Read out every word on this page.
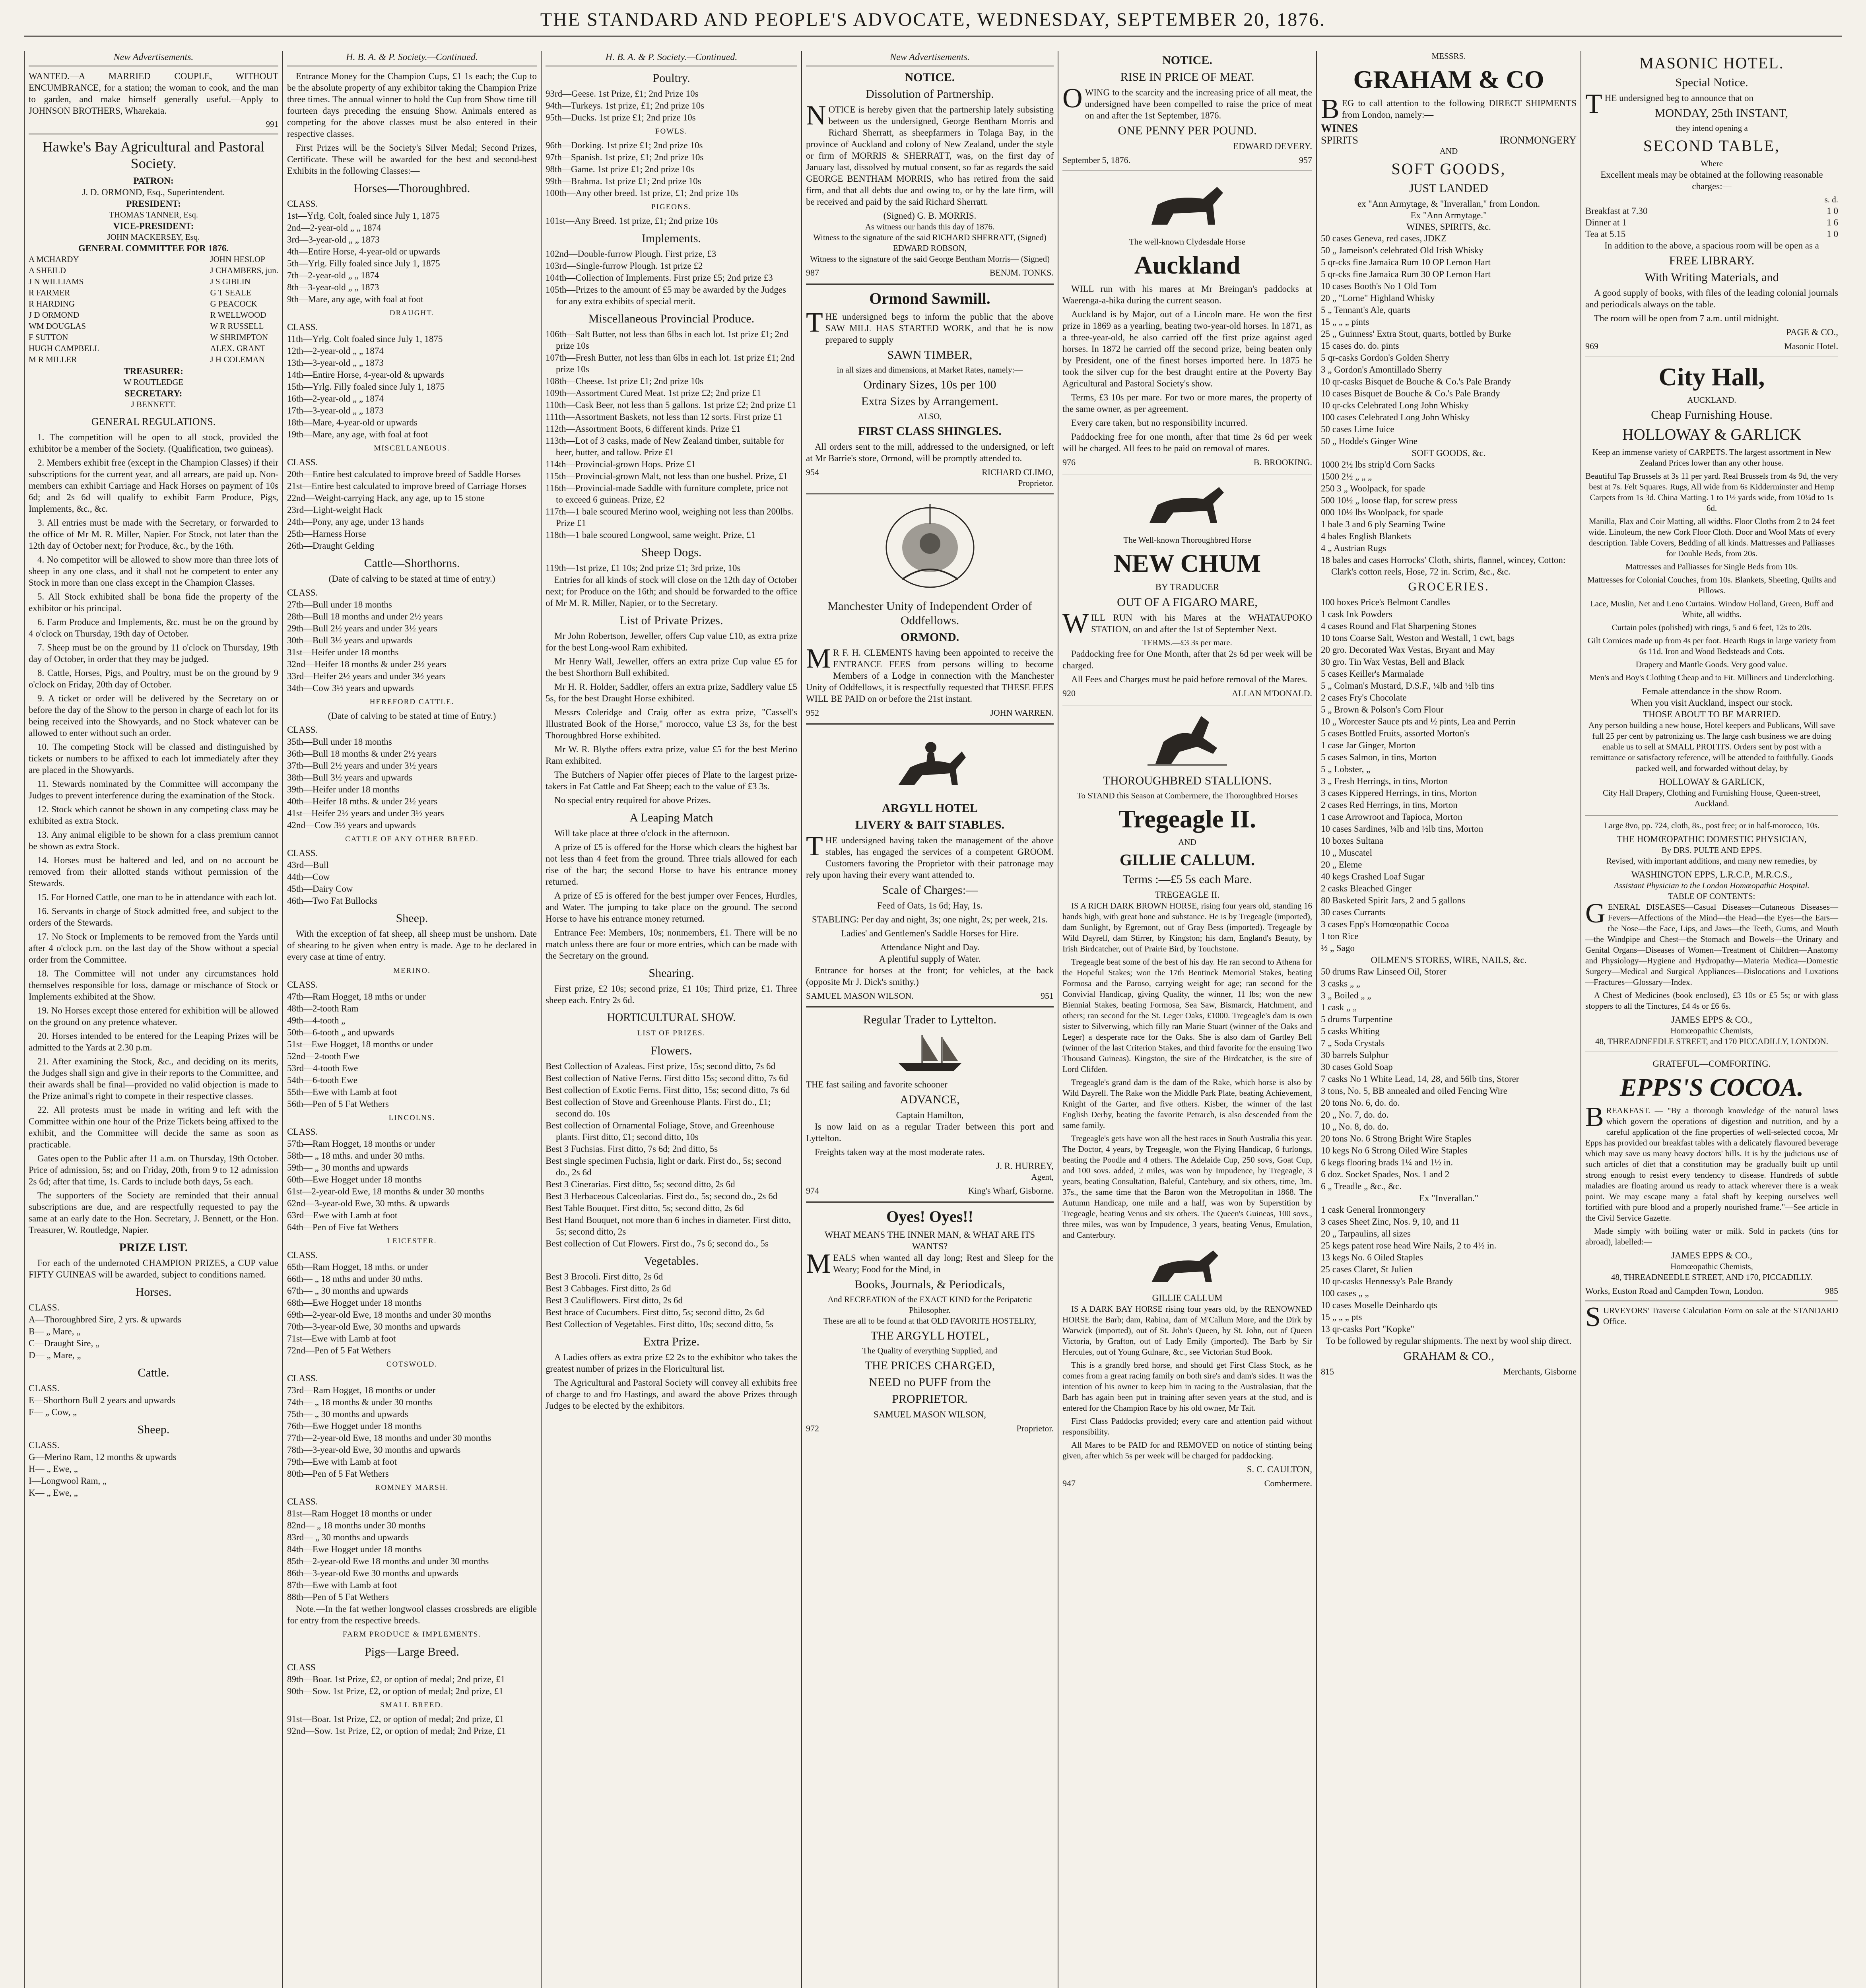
THE STANDARD AND PEOPLE'S ADVOCATE, WEDNESDAY, SEPTEMBER 20, 1876.
New Advertisements.

WANTED.—A MARRIED COUPLE, WITHOUT ENCUMBRANCE, for a station; the woman to cook, and the man to garden, and make himself generally useful.—Apply to JOHNSON BROTHERS, Wharekaia.

991
Hawke's Bay Agricultural and Pastoral Society.
PATRON:
J. D. ORMOND, Esq., Superintendent.
PRESIDENT:
THOMAS TANNER, Esq.
VICE-PRESIDENT:
JOHN MACKERSEY, Esq.
GENERAL COMMITTEE FOR 1876.
A MCHARDY
A SHEILD
J N WILLIAMS
R FARMER
R HARDING
J D ORMOND
WM DOUGLAS
F SUTTON
HUGH CAMPBELL
M R MILLER
JOHN HESLOP
J CHAMBERS, jun.
J S GIBLIN
G T SEALE
G PEACOCK
R WELLWOOD
W R RUSSELL
W SHRIMPTON
ALEX. GRANT
J H COLEMAN
TREASURER:
W ROUTLEDGE
SECRETARY:
J BENNETT.
GENERAL REGULATIONS.

1. The competition will be open to all stock, provided the exhibitor be a member of the Society. (Qualification, two guineas).

2. Members exhibit free (except in the Champion Classes) if their subscriptions for the current year, and all arrears, are paid up. Non-members can exhibit Carriage and Hack Horses on payment of 10s 6d; and 2s 6d will qualify to exhibit Farm Produce, Pigs, Implements, &c., &c.

3. All entries must be made with the Secretary, or forwarded to the office of Mr M. R. Miller, Napier. For Stock, not later than the 12th day of October next; for Produce, &c., by the 16th.

4. No competitor will be allowed to show more than three lots of sheep in any one class, and it shall not be competent to enter any Stock in more than one class except in the Champion Classes.

5. All Stock exhibited shall be bona fide the property of the exhibitor or his principal.

6. Farm Produce and Implements, &c. must be on the ground by 4 o'clock on Thursday, 19th day of October.

7. Sheep must be on the ground by 11 o'clock on Thursday, 19th day of October, in order that they may be judged.

8. Cattle, Horses, Pigs, and Poultry, must be on the ground by 9 o'clock on Friday, 20th day of October.

9. A ticket or order will be delivered by the Secretary on or before the day of the Show to the person in charge of each lot for its being received into the Showyards, and no Stock whatever can be allowed to enter without such an order.

10. The competing Stock will be classed and distinguished by tickets or numbers to be affixed to each lot immediately after they are placed in the Showyards.

11. Stewards nominated by the Committee will accompany the Judges to prevent interference during the examination of the Stock.

12. Stock which cannot be shown in any competing class may be exhibited as extra Stock.

13. Any animal eligible to be shown for a class premium cannot be shown as extra Stock.

14. Horses must be haltered and led, and on no account be removed from their allotted stands without permission of the Stewards.

15. For Horned Cattle, one man to be in attendance with each lot.

16. Servants in charge of Stock admitted free, and subject to the orders of the Stewards.

17. No Stock or Implements to be removed from the Yards until after 4 o'clock p.m. on the last day of the Show without a special order from the Committee.

18. The Committee will not under any circumstances hold themselves responsible for loss, damage or mischance of Stock or Implements exhibited at the Show.

19. No Horses except those entered for exhibition will be allowed on the ground on any pretence whatever.

20. Horses intended to be entered for the Leaping Prizes will be admitted to the Yards at 2.30 p.m.

21. After examining the Stock, &c., and deciding on its merits, the Judges shall sign and give in their reports to the Committee, and their awards shall be final—provided no valid objection is made to the Prize animal's right to compete in their respective classes.

22. All protests must be made in writing and left with the Committee within one hour of the Prize Tickets being affixed to the exhibit, and the Committee will decide the same as soon as practicable.

Gates open to the Public after 11 a.m. on Thursday, 19th October. Price of admission, 5s; and on Friday, 20th, from 9 to 12 admission 2s 6d; after that time, 1s. Cards to include both days, 5s each.

The supporters of the Society are reminded that their annual subscriptions are due, and are respectfully requested to pay the same at an early date to the Hon. Secretary, J. Bennett, or the Hon. Treasurer, W. Routledge, Napier.

PRIZE LIST.

For each of the undernoted CHAMPION PRIZES, a CUP value FIFTY GUINEAS will be awarded, subject to conditions named.

Horses.
CLASS.
A—Thoroughbred Sire, 2 yrs. & upwards
B— „ Mare, „
C—Draught Sire, „
D— „ Mare, „
Cattle.
CLASS.
E—Shorthorn Bull 2 years and upwards
F— „ Cow, „
Sheep.
CLASS.
G—Merino Ram, 12 months & upwards
H— „ Ewe, „
I—Longwool Ram, „
K— „ Ewe, „
H. B. A. & P. Society.—Continued.

Entrance Money for the Champion Cups, £1 1s each; the Cup to be the absolute property of any exhibitor taking the Champion Prize three times. The annual winner to hold the Cup from Show time till fourteen days preceding the ensuing Show. Animals entered as competing for the above classes must be also entered in their respective classes.

First Prizes will be the Society's Silver Medal; Second Prizes, Certificate. These will be awarded for the best and second-best Exhibits in the following Classes:—

Horses—Thoroughbred.
CLASS.
1st—Yrlg. Colt, foaled since July 1, 1875
2nd—2-year-old „ „ 1874
3rd—3-year-old „ „ 1873
4th—Entire Horse, 4-year-old or upwards
5th—Yrlg. Filly foaled since July 1, 1875
7th—2-year-old „ „ 1874
8th—3-year-old „ „ 1873
9th—Mare, any age, with foal at foot
DRAUGHT.
CLASS.
11th—Yrlg. Colt foaled since July 1, 1875
12th—2-year-old „ „ 1874
13th—3-year-old „ „ 1873
14th—Entire Horse, 4-year-old & upwards
15th—Yrlg. Filly foaled since July 1, 1875
16th—2-year-old „ „ 1874
17th—3-year-old „ „ 1873
18th—Mare, 4-year-old or upwards
19th—Mare, any age, with foal at foot
MISCELLANEOUS.
CLASS.
20th—Entire best calculated to improve breed of Saddle Horses
21st—Entire best calculated to improve breed of Carriage Horses
22nd—Weight-carrying Hack, any age, up to 15 stone
23rd—Light-weight Hack
24th—Pony, any age, under 13 hands
25th—Harness Horse
26th—Draught Gelding
Cattle—Shorthorns.

(Date of calving to be stated at time of entry.)

CLASS.
27th—Bull under 18 months
28th—Bull 18 months and under 2½ years
29th—Bull 2½ years and under 3½ years
30th—Bull 3½ years and upwards
31st—Heifer under 18 months
32nd—Heifer 18 months & under 2½ years
33rd—Heifer 2½ years and under 3½ years
34th—Cow 3½ years and upwards
HEREFORD CATTLE.

(Date of calving to be stated at time of Entry.)

CLASS.
35th—Bull under 18 months
36th—Bull 18 months & under 2½ years
37th—Bull 2½ years and under 3½ years
38th—Bull 3½ years and upwards
39th—Heifer under 18 months
40th—Heifer 18 mths. & under 2½ years
41st—Heifer 2½ years and under 3½ years
42nd—Cow 3½ years and upwards
CATTLE OF ANY OTHER BREED.
CLASS.
43rd—Bull
44th—Cow
45th—Dairy Cow
46th—Two Fat Bullocks
Sheep.

With the exception of fat sheep, all sheep must be unshorn. Date of shearing to be given when entry is made. Age to be declared in every case at time of entry.

MERINO.
CLASS.
47th—Ram Hogget, 18 mths or under
48th—2-tooth Ram
49th—4-tooth „
50th—6-tooth „ and upwards
51st—Ewe Hogget, 18 months or under
52nd—2-tooth Ewe
53rd—4-tooth Ewe
54th—6-tooth Ewe
55th—Ewe with Lamb at foot
56th—Pen of 5 Fat Wethers
LINCOLNS.
CLASS.
57th—Ram Hogget, 18 months or under
58th— „ 18 mths. and under 30 mths.
59th— „ 30 months and upwards
60th—Ewe Hogget under 18 months
61st—2-year-old Ewe, 18 months & under 30 months
62nd—3-year-old Ewe, 30 mths. & upwards
63rd—Ewe with Lamb at foot
64th—Pen of Five fat Wethers
LEICESTER.
CLASS.
65th—Ram Hogget, 18 mths. or under
66th— „ 18 mths and under 30 mths.
67th— „ 30 months and upwards
68th—Ewe Hogget under 18 months
69th—2-year-old Ewe, 18 months and under 30 months
70th—3-year-old Ewe, 30 months and upwards
71st—Ewe with Lamb at foot
72nd—Pen of 5 Fat Wethers
COTSWOLD.
CLASS.
73rd—Ram Hogget, 18 months or under
74th— „ 18 months & under 30 months
75th— „ 30 months and upwards
76th—Ewe Hogget under 18 months
77th—2-year-old Ewe, 18 months and under 30 months
78th—3-year-old Ewe, 30 months and upwards
79th—Ewe with Lamb at foot
80th—Pen of 5 Fat Wethers
ROMNEY MARSH.
CLASS.
81st—Ram Hogget 18 months or under
82nd— „ 18 months under 30 months
83rd— „ 30 months and upwards
84th—Ewe Hogget under 18 months
85th—2-year-old Ewe 18 months and under 30 months
86th—3-year-old Ewe 30 months and upwards
87th—Ewe with Lamb at foot
88th—Pen of 5 Fat Wethers

Note.—In the fat wether longwool classes crossbreds are eligible for entry from the respective breeds.

FARM PRODUCE & IMPLEMENTS.
Pigs—Large Breed.
CLASS
89th—Boar. 1st Prize, £2, or option of medal; 2nd prize, £1
90th—Sow. 1st Prize, £2, or option of medal; 2nd prize, £1
SMALL BREED.
91st—Boar. 1st Prize, £2, or option of medal; 2nd prize, £1
92nd—Sow. 1st Prize, £2, or option of medal; 2nd Prize, £1
H. B. A. & P. Society.—Continued.
Poultry.
93rd—Geese. 1st Prize, £1; 2nd Prize 10s
94th—Turkeys. 1st prize, £1; 2nd prize 10s
95th—Ducks. 1st prize £1; 2nd prize 10s
FOWLS.
96th—Dorking. 1st prize £1; 2nd prize 10s
97th—Spanish. 1st prize, £1; 2nd prize 10s
98th—Game. 1st prize £1; 2nd prize 10s
99th—Brahma. 1st prize £1; 2nd prize 10s
100th—Any other breed. 1st prize, £1; 2nd prize 10s
PIGEONS.
101st—Any Breed. 1st prize, £1; 2nd prize 10s
Implements.
102nd—Double-furrow Plough. First prize, £3
103rd—Single-furrow Plough. 1st prize £2
104th—Collection of Implements. First prize £5; 2nd prize £3
105th—Prizes to the amount of £5 may be awarded by the Judges for any extra exhibits of special merit.
Miscellaneous Provincial Produce.
106th—Salt Butter, not less than 6lbs in each lot. 1st prize £1; 2nd prize 10s
107th—Fresh Butter, not less than 6lbs in each lot. 1st prize £1; 2nd prize 10s
108th—Cheese. 1st prize £1; 2nd prize 10s
109th—Assortment Cured Meat. 1st prize £2; 2nd prize £1
110th—Cask Beer, not less than 5 gallons. 1st prize £2; 2nd prize £1
111th—Assortment Baskets, not less than 12 sorts. First prize £1
112th—Assortment Boots, 6 different kinds. Prize £1
113th—Lot of 3 casks, made of New Zealand timber, suitable for beer, butter, and tallow. Prize £1
114th—Provincial-grown Hops. Prize £1
115th—Provincial-grown Malt, not less than one bushel. Prize, £1
116th—Provincial-made Saddle with furniture complete, price not to exceed 6 guineas. Prize, £2
117th—1 bale scoured Merino wool, weighing not less than 200lbs. Prize £1
118th—1 bale scoured Longwool, same weight. Prize, £1
Sheep Dogs.
119th—1st prize, £1 10s; 2nd prize £1; 3rd prize, 10s

Entries for all kinds of stock will close on the 12th day of October next; for Produce on the 16th; and should be forwarded to the office of Mr M. R. Miller, Napier, or to the Secretary.

List of Private Prizes.

Mr John Robertson, Jeweller, offers Cup value £10, as extra prize for the best Long-wool Ram exhibited.

Mr Henry Wall, Jeweller, offers an extra prize Cup value £5 for the best Shorthorn Bull exhibited.

Mr H. R. Holder, Saddler, offers an extra prize, Saddlery value £5 5s, for the best Draught Horse exhibited.

Messrs Coleridge and Craig offer as extra prize, "Cassell's Illustrated Book of the Horse," morocco, value £3 3s, for the best Thoroughbred Horse exhibited.

Mr W. R. Blythe offers extra prize, value £5 for the best Merino Ram exhibited.

The Butchers of Napier offer pieces of Plate to the largest prize-takers in Fat Cattle and Fat Sheep; each to the value of £3 3s.

No special entry required for above Prizes.

A Leaping Match

Will take place at three o'clock in the afternoon.

A prize of £5 is offered for the Horse which clears the highest bar not less than 4 feet from the ground. Three trials allowed for each rise of the bar; the second Horse to have his entrance money returned.

A prize of £5 is offered for the best jumper over Fences, Hurdles, and Water. The jumping to take place on the ground. The second Horse to have his entrance money returned.

Entrance Fee: Members, 10s; nonmembers, £1. There will be no match unless there are four or more entries, which can be made with the Secretary on the ground.

Shearing.

First prize, £2 10s; second prize, £1 10s; Third prize, £1. Three sheep each. Entry 2s 6d.

HORTICULTURAL SHOW.
LIST OF PRIZES.
Flowers.
Best Collection of Azaleas. First prize, 15s; second ditto, 7s 6d
Best collection of Native Ferns. First ditto 15s; second ditto, 7s 6d
Best collection of Exotic Ferns. First ditto, 15s; second ditto, 7s 6d
Best collection of Stove and Greenhouse Plants. First do., £1; second do. 10s
Best collection of Ornamental Foliage, Stove, and Greenhouse plants. First ditto, £1; second ditto, 10s
Best 3 Fuchsias. First ditto, 7s 6d; 2nd ditto, 5s
Best single specimen Fuchsia, light or dark. First do., 5s; second do., 2s 6d
Best 3 Cinerarias. First ditto, 5s; second ditto, 2s 6d
Best 3 Herbaceous Calceolarias. First do., 5s; second do., 2s 6d
Best Table Bouquet. First ditto, 5s; second ditto, 2s 6d
Best Hand Bouquet, not more than 6 inches in diameter. First ditto, 5s; second ditto, 2s
Best collection of Cut Flowers. First do., 7s 6; second do., 5s
Vegetables.
Best 3 Brocoli. First ditto, 2s 6d
Best 3 Cabbages. First ditto, 2s 6d
Best 3 Cauliflowers. First ditto, 2s 6d
Best brace of Cucumbers. First ditto, 5s; second ditto, 2s 6d
Best Collection of Vegetables. First ditto, 10s; second ditto, 5s
Extra Prize.

A Ladies offers as extra prize £2 2s to the exhibitor who takes the greatest number of prizes in the Floricultural list.

The Agricultural and Pastoral Society will convey all exhibits free of charge to and fro Hastings, and award the above Prizes through Judges to be elected by the exhibitors.

New Advertisements.
NOTICE.
Dissolution of Partnership.

NOTICE is hereby given that the partnership lately subsisting between us the undersigned, George Bentham Morris and Richard Sherratt, as sheepfarmers in Tolaga Bay, in the province of Auckland and colony of New Zealand, under the style or firm of MORRIS & SHERRATT, was, on the first day of January last, dissolved by mutual consent, so far as regards the said GEORGE BENTHAM MORRIS, who has retired from the said firm, and that all debts due and owing to, or by the late firm, will be received and paid by the said Richard Sherratt.

(Signed) G. B. MORRIS.
As witness our hands this day of 1876.
Witness to the signature of the said RICHARD SHERRATT, (Signed) EDWARD ROBSON,
Witness to the signature of the said George Bentham Morris— (Signed)
987	BENJM. TONKS.
Ormond Sawmill.

THE undersigned begs to inform the public that the above SAW MILL HAS STARTED WORK, and that he is now prepared to supply

SAWN TIMBER,
in all sizes and dimensions, at Market Rates, namely:—
Ordinary Sizes, 10s per 100
Extra Sizes by Arrangement.
ALSO,
FIRST CLASS SHINGLES.

All orders sent to the mill, addressed to the undersigned, or left at Mr Barrie's store, Ormond, will be promptly attended to.

954	RICHARD CLIMO,
Proprietor.
Manchester Unity of Independent Order of Oddfellows.
ORMOND.

MR F. H. CLEMENTS having been appointed to receive the ENTRANCE FEES from persons willing to become Members of a Lodge in connection with the Manchester Unity of Oddfellows, it is respectfully requested that THESE FEES WILL BE PAID on or before the 21st instant.

952	JOHN WARREN.
ARGYLL HOTEL
LIVERY & BAIT STABLES.

THE undersigned having taken the management of the above stables, has engaged the services of a competent GROOM. Customers favoring the Proprietor with their patronage may rely upon having their every want attended to.

Scale of Charges:—

Feed of Oats, 1s 6d; Hay, 1s.

STABLING: Per day and night, 3s; one night, 2s; per week, 21s.

Ladies' and Gentlemen's Saddle Horses for Hire.

Attendance Night and Day.
A plentiful supply of Water.

Entrance for horses at the front; for vehicles, at the back (opposite Mr J. Dick's smithy.)

SAMUEL MASON WILSON.	951
Regular Trader to Lyttelton.

THE fast sailing and favorite schooner

ADVANCE,
Captain Hamilton,

Is now laid on as a regular Trader between this port and Lyttelton.

Freights taken way at the most moderate rates.

J. R. HURREY,
Agent,
974	King's Wharf, Gisborne.
Oyes! Oyes!!
WHAT MEANS THE INNER MAN, & WHAT ARE ITS WANTS?

MEALS when wanted all day long; Rest and Sleep for the Weary; Food for the Mind, in

Books, Journals, & Periodicals,
And RECREATION of the EXACT KIND for the Peripatetic Philosopher.
These are all to be found at that OLD FAVORITE HOSTELRY,
THE ARGYLL HOTEL,
The Quality of everything Supplied, and
THE PRICES CHARGED,
NEED no PUFF from the
PROPRIETOR.
SAMUEL MASON WILSON,
972	Proprietor.
NOTICE.
RISE IN PRICE OF MEAT.

OWING to the scarcity and the increasing price of all meat, the undersigned have been compelled to raise the price of meat on and after the 1st September, 1876.

ONE PENNY PER POUND.
EDWARD DEVERY.
September 5, 1876.	957
The well-known Clydesdale Horse
Auckland

WILL run with his mares at Mr Breingan's paddocks at Waerenga-a-hika during the current season.

Auckland is by Major, out of a Lincoln mare. He won the first prize in 1869 as a yearling, beating two-year-old horses. In 1871, as a three-year-old, he also carried off the first prize against aged horses. In 1872 he carried off the second prize, being beaten only by President, one of the finest horses imported here. In 1875 he took the silver cup for the best draught entire at the Poverty Bay Agricultural and Pastoral Society's show.

Terms, £3 10s per mare. For two or more mares, the property of the same owner, as per agreement.

Every care taken, but no responsibility incurred.

Paddocking free for one month, after that time 2s 6d per week will be charged. All fees to be paid on removal of mares.

976	B. BROOKING.
The Well-known Thoroughbred Horse
NEW CHUM
BY TRADUCER
OUT OF A FIGARO MARE,

WILL RUN with his Mares at the WHATAUPOKO STATION, on and after the 1st of September Next.

TERMS.—£3 3s per mare.

Paddocking free for One Month, after that 2s 6d per week will be charged.

All Fees and Charges must be paid before removal of the Mares.

920	ALLAN M'DONALD.
THOROUGHBRED STALLIONS.
To STAND this Season at Combermere, the Thoroughbred Horses
Tregeagle II.
AND
GILLIE CALLUM.
Terms :—£5 5s each Mare.
TREGEAGLE II.

IS A RICH DARK BROWN HORSE, rising four years old, standing 16 hands high, with great bone and substance. He is by Tregeagle (imported), dam Sunlight, by Egremont, out of Gray Bess (imported). Tregeagle by Wild Dayrell, dam Stirrer, by Kingston; his dam, England's Beauty, by Irish Birdcatcher, out of Prairie Bird, by Touchstone.

Tregeagle beat some of the best of his day. He ran second to Athena for the Hopeful Stakes; won the 17th Bentinck Memorial Stakes, beating Formosa and the Paroso, carrying weight for age; ran second for the Convivial Handicap, giving Quality, the winner, 11 lbs; won the new Biennial Stakes, beating Formosa, Sea Saw, Bismarck, Hatchment, and others; ran second for the St. Leger Oaks, £1000. Tregeagle's dam is own sister to Silverwing, which filly ran Marie Stuart (winner of the Oaks and Leger) a desperate race for the Oaks. She is also dam of Gartley Bell (winner of the last Criterion Stakes, and third favorite for the ensuing Two Thousand Guineas). Kingston, the sire of the Birdcatcher, is the sire of Lord Clifden.

Tregeagle's grand dam is the dam of the Rake, which horse is also by Wild Dayrell. The Rake won the Middle Park Plate, beating Achievement, Knight of the Garter, and five others. Kisber, the winner of the last English Derby, beating the favorite Petrarch, is also descended from the same family.

Tregeagle's gets have won all the best races in South Australia this year. The Doctor, 4 years, by Tregeagle, won the Flying Handicap, 6 furlongs, beating the Poodle and 4 others. The Adelaide Cup, 250 sovs, Goat Cup, and 100 sovs. added, 2 miles, was won by Impudence, by Tregeagle, 3 years, beating Consultation, Baleful, Cantebury, and six others, time, 3m. 37s., the same time that the Baron won the Metropolitan in 1868. The Autumn Handicap, one mile and a half, was won by Superstition by Tregeagle, beating Venus and six others. The Queen's Guineas, 100 sovs., three miles, was won by Impudence, 3 years, beating Venus, Emulation, and Canterbury.

GILLIE CALLUM

IS A DARK BAY HORSE rising four years old, by the RENOWNED HORSE the Barb; dam, Rabina, dam of M'Callum More, and the Dirk by Warwick (imported), out of St. John's Queen, by St. John, out of Queen Victoria, by Grafton, out of Lady Emily (imported). The Barb by Sir Hercules, out of Young Gulnare, &c., see Victorian Stud Book.

This is a grandly bred horse, and should get First Class Stock, as he comes from a great racing family on both sire's and dam's sides. It was the intention of his owner to keep him in racing to the Australasian, that the Barb has again been put in training after seven years at the stud, and is entered for the Champion Race by his old owner, Mr Tait.

First Class Paddocks provided; every care and attention paid without responsibility.

All Mares to be PAID for and REMOVED on notice of stinting being given, after which 5s per week will be charged for paddocking.

S. C. CAULTON,
947	Combermere.
MESSRS.
GRAHAM & CO

BEG to call attention to the following DIRECT SHIPMENTS from London, namely:—

WINES
SPIRITS	IRONMONGERY
AND
SOFT GOODS,
JUST LANDED
ex "Ann Armytage, & "Inverallan," from London.
Ex "Ann Armytage."
WINES, SPIRITS, &c.
50 cases Geneva, red cases, JDKZ
50 „ Jameison's celebrated Old Irish Whisky
5 qr-cks fine Jamaica Rum 10 OP Lemon Hart
5 qr-cks fine Jamaica Rum 30 OP Lemon Hart
10 cases Booth's No 1 Old Tom
20 „ "Lorne" Highland Whisky
5 „ Tennant's Ale, quarts
15 „ „ „ pints
25 „ Guinness' Extra Stout, quarts, bottled by Burke
15 cases do. do. pints
5 qr-casks Gordon's Golden Sherry
3 „ Gordon's Amontillado Sherry
10 qr-casks Bisquet de Bouche & Co.'s Pale Brandy
10 cases Bisquet de Bouche & Co.'s Pale Brandy
10 qr-cks Celebrated Long John Whisky
100 cases Celebrated Long John Whisky
50 cases Lime Juice
50 „ Hodde's Ginger Wine
SOFT GOODS, &c.
1000 2½ lbs strip'd Corn Sacks
1500 2½ „ „ „
250 3 „ Woolpack, for spade
500 10½ „ loose flap, for screw press
000 10½ lbs Woolpack, for spade
1 bale 3 and 6 ply Seaming Twine
4 bales English Blankets
4 „ Austrian Rugs
18 bales and cases Horrocks' Cloth, shirts, flannel, wincey, Cotton: Clark's cotton reels, Hose, 72 in. Scrim, &c., &c.
GROCERIES.
100 boxes Price's Belmont Candles
1 cask Ink Powders
4 cases Round and Flat Sharpening Stones
10 tons Coarse Salt, Weston and Westall, 1 cwt, bags
20 gro. Decorated Wax Vestas, Bryant and May
30 gro. Tin Wax Vestas, Bell and Black
5 cases Keiller's Marmalade
5 „ Colman's Mustard, D.S.F., ¼lb and ½lb tins
2 cases Fry's Chocolate
5 „ Brown & Polson's Corn Flour
10 „ Worcester Sauce pts and ½ pints, Lea and Perrin
5 cases Bottled Fruits, assorted Morton's
1 case Jar Ginger, Morton
5 cases Salmon, in tins, Morton
5 „ Lobster, „
3 „ Fresh Herrings, in tins, Morton
3 cases Kippered Herrings, in tins, Morton
2 cases Red Herrings, in tins, Morton
1 case Arrowroot and Tapioca, Morton
10 cases Sardines, ¼lb and ½lb tins, Morton
10 boxes Sultana
10 „ Muscatel
20 „ Eleme
40 kegs Crashed Loaf Sugar
2 casks Bleached Ginger
80 Basketed Spirit Jars, 2 and 5 gallons
30 cases Currants
3 cases Epp's Homœopathic Cocoa
1 ton Rice
½ „ Sago
OILMEN'S STORES, WIRE, NAILS, &c.
50 drums Raw Linseed Oil, Storer
3 casks „ „
3 „ Boiled „ „
1 cask „ „
5 drums Turpentine
5 casks Whiting
7 „ Soda Crystals
30 barrels Sulphur
30 cases Gold Soap
7 casks No 1 White Lead, 14, 28, and 56lb tins, Storer
3 tons, No. 5, BB annealed and oiled Fencing Wire
20 tons No. 6, do. do.
20 „ No. 7, do. do.
10 „ No. 8, do. do.
20 tons No. 6 Strong Bright Wire Staples
10 kegs No 6 Strong Oiled Wire Staples
6 kegs flooring brads 1¼ and 1½ in.
6 doz. Socket Spades, Nos. 1 and 2
6 „ Treadle „ &c., &c.
Ex "Inverallan."
1 cask General Ironmongery
3 cases Sheet Zinc, Nos. 9, 10, and 11
20 „ Tarpaulins, all sizes
25 kegs patent rose head Wire Nails, 2 to 4½ in.
13 kegs No. 6 Oiled Staples
25 cases Claret, St Julien
10 qr-casks Hennessy's Pale Brandy
100 cases „ „
10 cases Moselle Deinhardo qts
15 „ „ „ pts
13 qr-casks Port "Kopke"

To be followed by regular shipments. The next by wool ship direct.

GRAHAM & CO.,
815	Merchants, Gisborne
MASONIC HOTEL.
Special Notice.

THE undersigned beg to announce that on

MONDAY, 25th INSTANT,
they intend opening a
SECOND TABLE,
Where

Excellent meals may be obtained at the following reasonable charges:—

s. d.
Breakfast at 7.30	1 0
Dinner at 1	1 6
Tea at 5.15	1 0

In addition to the above, a spacious room will be open as a

FREE LIBRARY.
With Writing Materials, and

A good supply of books, with files of the leading colonial journals and periodicals always on the table.

The room will be open from 7 a.m. until midnight.

PAGE & CO.,
969	Masonic Hotel.
City Hall,
AUCKLAND.
Cheap Furnishing House.
HOLLOWAY & GARLICK

Keep an immense variety of CARPETS. The largest assortment in New Zealand Prices lower than any other house.

Beautiful Tap Brussels at 3s 11 per yard. Real Brussels from 4s 9d, the very best at 7s. Felt Squares. Rugs, All wide from 6s Kidderminster and Hemp Carpets from 1s 3d. China Matting. 1 to 1½ yards wide, from 10¼d to 1s 6d.

Manilla, Flax and Coir Matting, all widths. Floor Cloths from 2 to 24 feet wide. Linoleum, the new Cork Floor Cloth. Door and Wool Mats of every description. Table Covers, Bedding of all kinds. Mattresses and Palliasses for Double Beds, from 20s.

Mattresses and Palliasses for Single Beds from 10s.

Mattresses for Colonial Couches, from 10s. Blankets, Sheeting, Quilts and Pillows.

Lace, Muslin, Net and Leno Curtains. Window Holland, Green, Buff and White, all widths.

Curtain poles (polished) with rings, 5 and 6 feet, 12s to 20s.

Gilt Cornices made up from 4s per foot. Hearth Rugs in large variety from 6s 11d. Iron and Wood Bedsteads and Cots.

Drapery and Mantle Goods. Very good value.

Men's and Boy's Clothing Cheap and to Fit. Milliners and Underclothing.

Female attendance in the show Room.
When you visit Auckland, inspect our stock.
THOSE ABOUT TO BE MARRIED.

Any person building a new house, Hotel keepers and Publicans, Will save full 25 per cent by patronizing us. The large cash business we are doing enable us to sell at SMALL PROFITS. Orders sent by post with a remittance or satisfactory reference, will be attended to faithfully. Goods packed well, and forwarded without delay, by

HOLLOWAY & GARLICK,

City Hall Drapery, Clothing and Furnishing House, Queen-street, Auckland.

Large 8vo, pp. 724, cloth, 8s., post free; or in half-morocco, 10s.

THE HOMŒOPATHIC DOMESTIC PHYSICIAN,
By DRS. PULTE AND EPPS.

Revised, with important additions, and many new remedies, by

WASHINGTON EPPS, L.R.C.P., M.R.C.S.,
Assistant Physician to the London Homœopathic Hospital.
TABLE OF CONTENTS:

GENERAL DISEASES—Casual Diseases—Cutaneous Diseases—Fevers—Affections of the Mind—the Head—the Eyes—the Ears—the Nose—the Face, Lips, and Jaws—the Teeth, Gums, and Mouth—the Windpipe and Chest—the Stomach and Bowels—the Urinary and Genital Organs—Diseases of Women—Treatment of Children—Anatomy and Physiology—Hygiene and Hydropathy—Materia Medica—Domestic Surgery—Medical and Surgical Appliances—Dislocations and Luxations—Fractures—Glossary—Index.

A Chest of Medicines (book enclosed), £3 10s or £5 5s; or with glass stoppers to all the Tinctures, £4 4s or £6 6s.

JAMES EPPS & CO.,
Homœopathic Chemists,
48, THREADNEEDLE STREET, and 170 PICCADILLY, LONDON.
GRATEFUL—COMFORTING.
EPPS'S COCOA.

BREAKFAST. — "By a thorough knowledge of the natural laws which govern the operations of digestion and nutrition, and by a careful application of the fine properties of well-selected cocoa, Mr Epps has provided our breakfast tables with a delicately flavoured beverage which may save us many heavy doctors' bills. It is by the judicious use of such articles of diet that a constitution may be gradually built up until strong enough to resist every tendency to disease. Hundreds of subtle maladies are floating around us ready to attack wherever there is a weak point. We may escape many a fatal shaft by keeping ourselves well fortified with pure blood and a properly nourished frame."—See article in the Civil Service Gazette.

Made simply with boiling water or milk. Sold in packets (tins for abroad), labelled:—

JAMES EPPS & CO.,
Homœopathic Chemists,
48, THREADNEEDLE STREET, AND 170, PICCADILLY.
Works, Euston Road and Campden Town, London.	985

SURVEYORS' Traverse Calculation Form on sale at the STANDARD Office.
